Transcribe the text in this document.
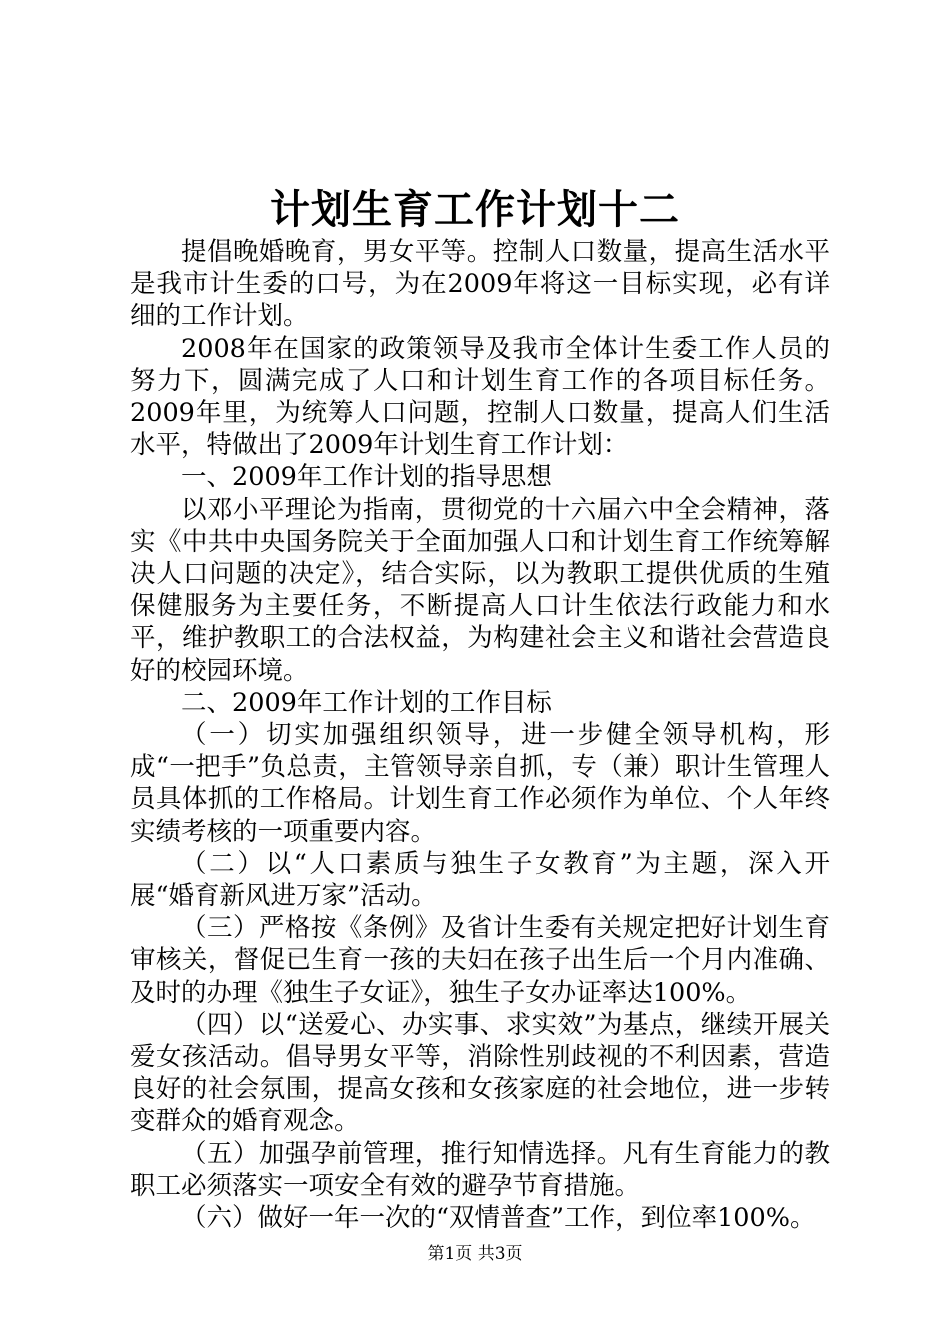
计划生育工作计划十二

提倡晚婚晚育，男女平等。控制人口数量，提高生活水平是我市计生委的口号，为在2009年将这一目标实现，必有详细的工作计划。

2008年在国家的政策领导及我市全体计生委工作人员的努力下，圆满完成了人口和计划生育工作的各项目标任务。2009年里，为统筹人口问题，控制人口数量，提高人们生活水平，特做出了2009年计划生育工作计划：

一、2009年工作计划的指导思想

以邓小平理论为指南，贯彻党的十六届六中全会精神，落实《中共中央国务院关于全面加强人口和计划生育工作统筹解决人口问题的决定》，结合实际，以为教职工提供优质的生殖保健服务为主要任务，不断提高人口计生依法行政能力和水平，维护教职工的合法权益，为构建社会主义和谐社会营造良好的校园环境。

二、2009年工作计划的工作目标

（一）切实加强组织领导，进一步健全领导机构，形成“一把手”负总责，主管领导亲自抓，专（兼）职计生管理人员具体抓的工作格局。计划生育工作必须作为单位、个人年终实绩考核的一项重要内容。

（二）以“人口素质与独生子女教育”为主题，深入开展“婚育新风进万家”活动。

（三）严格按《条例》及省计生委有关规定把好计划生育审核关，督促已生育一孩的夫妇在孩子出生后一个月内准确、及时的办理《独生子女证》，独生子女办证率达100%。

（四）以“送爱心、办实事、求实效”为基点，继续开展关爱女孩活动。倡导男女平等，消除性别歧视的不利因素，营造良好的社会氛围，提高女孩和女孩家庭的社会地位，进一步转变群众的婚育观念。

（五）加强孕前管理，推行知情选择。凡有生育能力的教职工必须落实一项安全有效的避孕节育措施。

（六）做好一年一次的“双情普查”工作，到位率100%。

第1页 共3页
